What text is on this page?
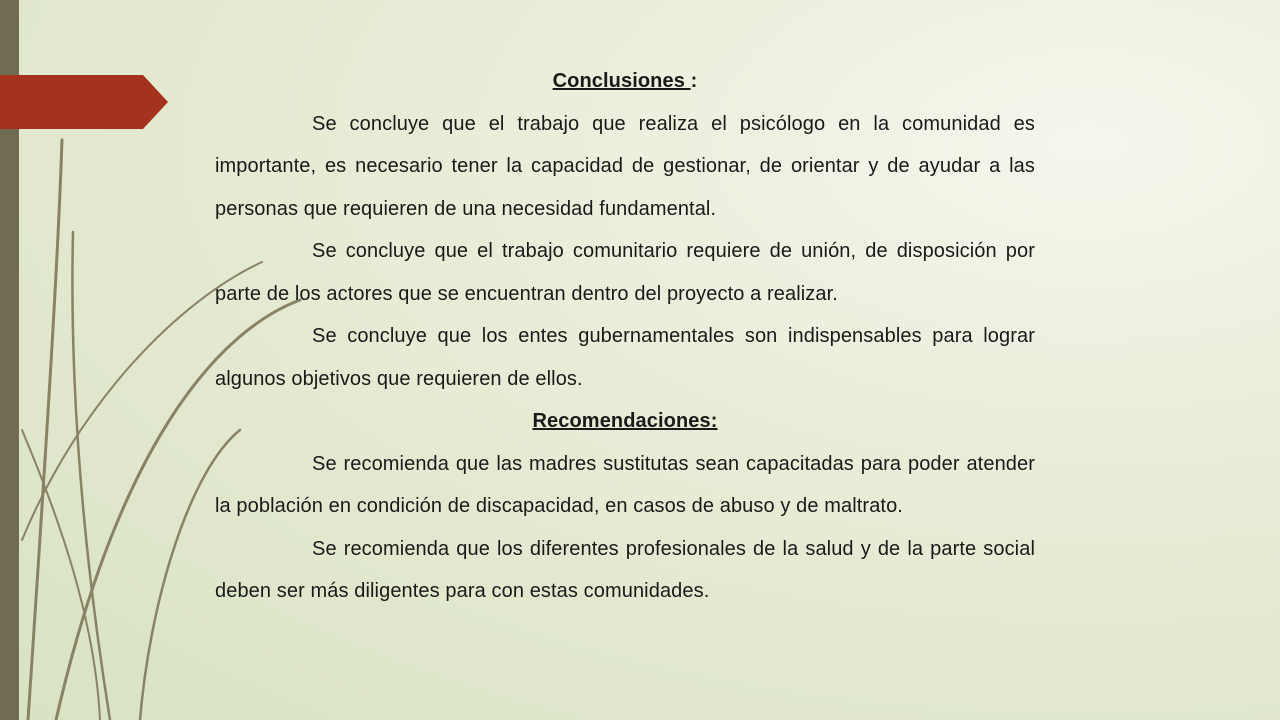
Conclusiones :
Se concluye que el trabajo que realiza el psicólogo en la comunidad es importante, es necesario tener la capacidad de gestionar, de orientar y de ayudar a las personas que requieren de una necesidad fundamental.
Se concluye que el trabajo comunitario requiere de unión, de disposición por parte de los actores que se encuentran dentro del proyecto a realizar.
Se concluye que los entes gubernamentales son indispensables para lograr algunos objetivos que requieren de ellos.
Recomendaciones:
Se recomienda que las madres sustitutas sean capacitadas para poder atender la población en condición de discapacidad, en casos de abuso y de maltrato.
Se recomienda que los diferentes profesionales de la salud y de la parte social deben ser más diligentes para con estas comunidades.
